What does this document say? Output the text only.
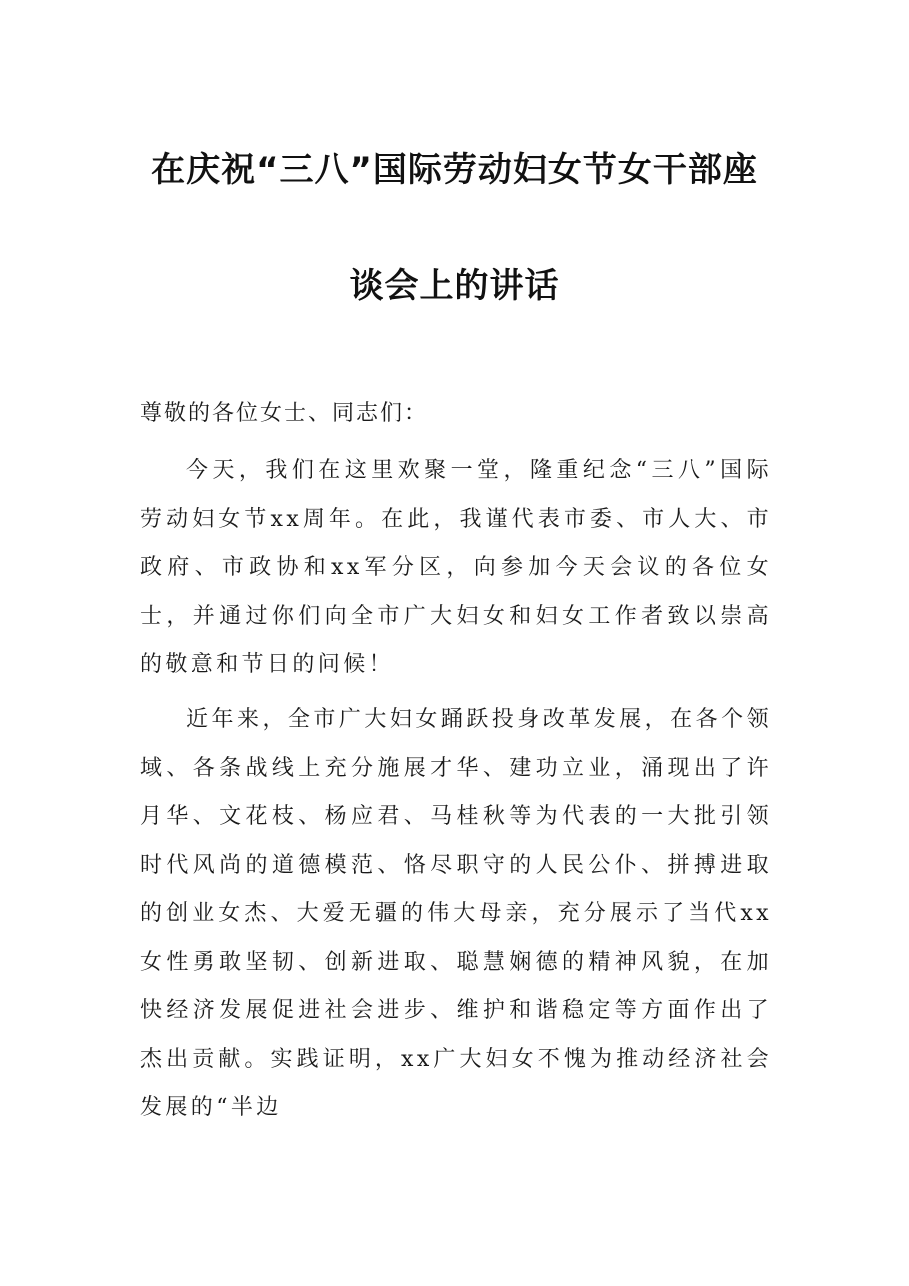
在庆祝“三八”国际劳动妇女节女干部座
谈会上的讲话
尊敬的各位女士、同志们：

今天，我们在这里欢聚一堂，隆重纪念“三八”国际劳动妇女节xx周年。在此，我谨代表市委、市人大、市政府、市政协和xx军分区，向参加今天会议的各位女士，并通过你们向全市广大妇女和妇女工作者致以崇高的敬意和节日的问候！

近年来，全市广大妇女踊跃投身改革发展，在各个领域、各条战线上充分施展才华、建功立业，涌现出了许月华、文花枝、杨应君、马桂秋等为代表的一大批引领时代风尚的道德模范、恪尽职守的人民公仆、拼搏进取的创业女杰、大爱无疆的伟大母亲，充分展示了当代xx女性勇敢坚韧、创新进取、聪慧娴德的精神风貌，在加快经济发展促进社会进步、维护和谐稳定等方面作出了杰出贡献。实践证明，xx广大妇女不愧为推动经济社会发展的“半边
